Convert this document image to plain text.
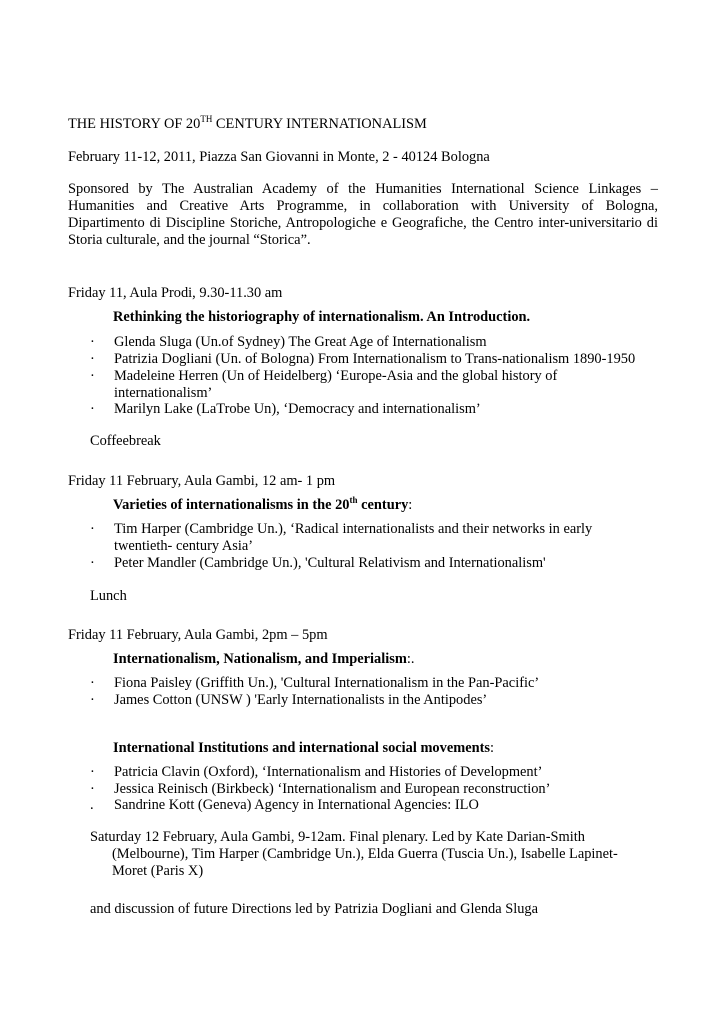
THE HISTORY OF 20TH CENTURY INTERNATIONALISM

February 11-12, 2011, Piazza San Giovanni in Monte, 2 - 40124 Bologna

Sponsored by The Australian Academy of the Humanities International Science Linkages –
Humanities and Creative Arts Programme, in collaboration with University of Bologna,
Dipartimento di Discipline Storiche, Antropologiche e Geografiche, the Centro inter-universitario di
Storia culturale, and the journal “Storica”.

Friday 11, Aula Prodi, 9.30-11.30 am

Rethinking the historiography of internationalism. An Introduction.

·	Glenda Sluga (Un.of Sydney) The Great Age of Internationalism
·	Patrizia Dogliani (Un. of Bologna) From Internationalism to Trans-nationalism 1890-1950
·	Madeleine Herren (Un of Heidelberg) ‘Europe-Asia and the global history of
internationalism’
·	Marilyn Lake (LaTrobe Un), ‘Democracy and internationalism’

Coffeebreak

Friday 11 February, Aula Gambi, 12 am- 1 pm

Varieties of internationalisms in the 20th century:

·	Tim Harper (Cambridge Un.), ‘Radical internationalists and their networks in early
twentieth- century Asia’
·	Peter Mandler (Cambridge Un.), 'Cultural Relativism and Internationalism'

Lunch

Friday 11 February, Aula Gambi, 2pm – 5pm

Internationalism, Nationalism, and Imperialism:.

·	Fiona Paisley (Griffith Un.), 'Cultural Internationalism in the Pan-Pacific’
·	James Cotton (UNSW ) 'Early Internationalists in the Antipodes’

International Institutions and international social movements:

·	Patricia Clavin (Oxford), ‘Internationalism and Histories of Development’
·	Jessica Reinisch (Birkbeck) ‘Internationalism and European reconstruction’
.	Sandrine Kott (Geneva) Agency in International Agencies: ILO
Saturday 12 February, Aula Gambi, 9-12am. Final plenary. Led by Kate Darian-Smith
(Melbourne), Tim Harper (Cambridge Un.), Elda Guerra (Tuscia Un.), Isabelle Lapinet-
Moret (Paris X)

and discussion of future Directions led by Patrizia Dogliani and Glenda Sluga
